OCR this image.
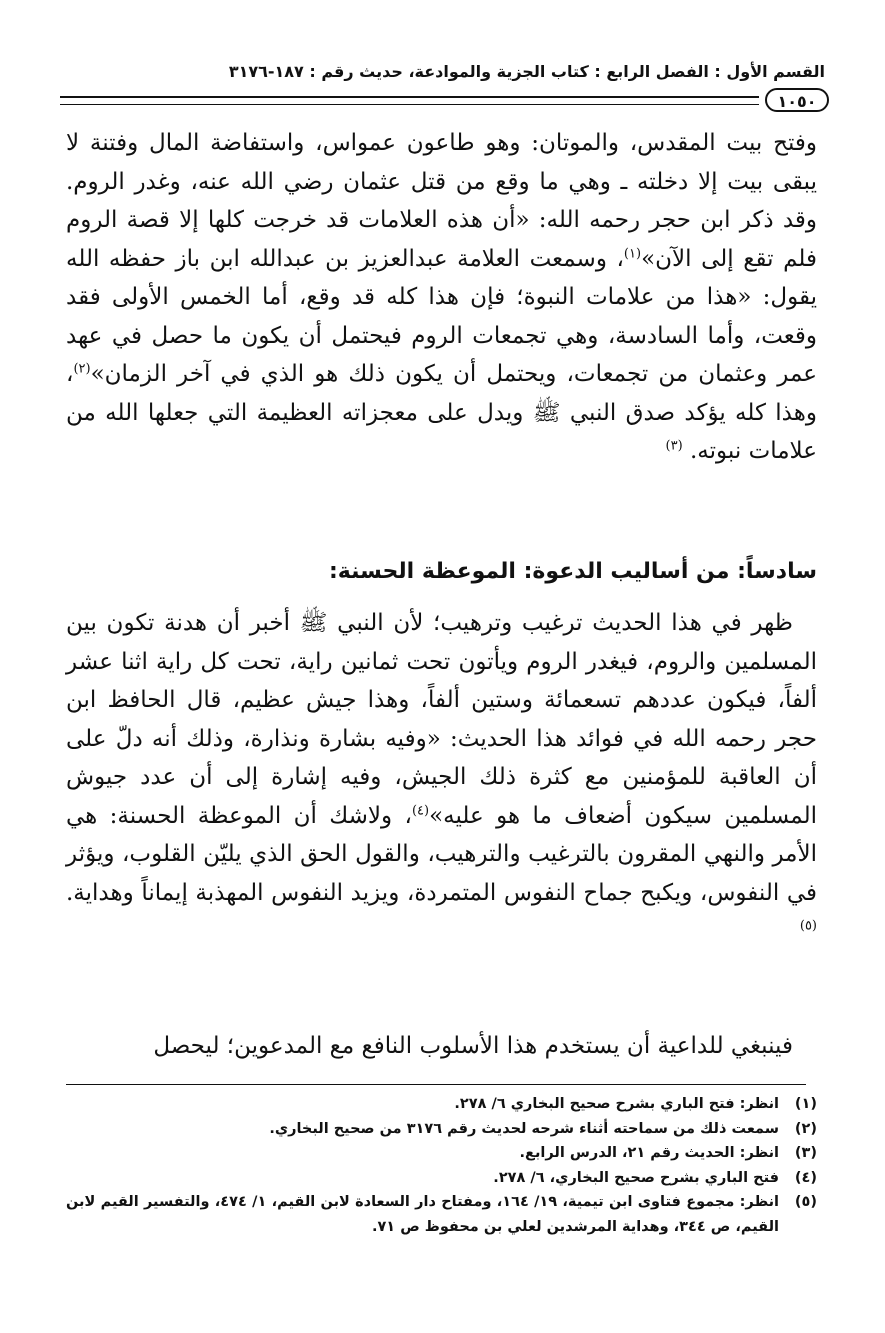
القسم الأول : الفصل الرابع : كتاب الجزية والموادعة، حديث رقم : ١٨٧-٣١٧٦
١٠٥٠

وفتح بيت المقدس، والموتان: وهو طاعون عمواس، واستفاضة المال وفتنة لا يبقى بيت إلا دخلته ـ وهي ما وقع من قتل عثمان رضي الله عنه، وغدر الروم. وقد ذكر ابن حجر رحمه الله: «أن هذه العلامات قد خرجت كلها إلا قصة الروم فلم تقع إلى الآن»$^{(١)}$، وسمعت العلامة عبدالعزيز بن عبدالله ابن باز حفظه الله يقول: «هذا من علامات النبوة؛ فإن هذا كله قد وقع، أما الخمس الأولى فقد وقعت، وأما السادسة، وهي تجمعات الروم فيحتمل أن يكون ما حصل في عهد عمر وعثمان من تجمعات، ويحتمل أن يكون ذلك هو الذي في آخر الزمان»$^{(٢)}$، وهذا كله يؤكد صدق النبي ﷺ ويدل على معجزاته العظيمة التي جعلها الله من علامات نبوته. $^{(٣)}$

سادساً: من أساليب الدعوة: الموعظة الحسنة:

ظهر في هذا الحديث ترغيب وترهيب؛ لأن النبي ﷺ أخبر أن هدنة تكون بين المسلمين والروم، فيغدر الروم ويأتون تحت ثمانين راية، تحت كل راية اثنا عشر ألفاً، فيكون عددهم تسعمائة وستين ألفاً، وهذا جيش عظيم، قال الحافظ ابن حجر رحمه الله في فوائد هذا الحديث: «وفيه بشارة ونذارة، وذلك أنه دلّ على أن العاقبة للمؤمنين مع كثرة ذلك الجيش، وفيه إشارة إلى أن عدد جيوش المسلمين سيكون أضعاف ما هو عليه»$^{(٤)}$، ولاشك أن الموعظة الحسنة: هي الأمر والنهي المقرون بالترغيب والترهيب، والقول الحق الذي يليّن القلوب، ويؤثر في النفوس، ويكبح جماح النفوس المتمردة، ويزيد النفوس المهذبة إيماناً وهداية. $^{(٥)}$

فينبغي للداعية أن يستخدم هذا الأسلوب النافع مع المدعوين؛ ليحصل

(١)
انظر: فتح الباري بشرح صحيح البخاري ٦/ ٢٧٨.
(٢)
سمعت ذلك من سماحته أثناء شرحه لحديث رقم ٣١٧٦ من صحيح البخاري.
(٣)
انظر: الحديث رقم ٢١، الدرس الرابع.
(٤)
فتح الباري بشرح صحيح البخاري، ٦/ ٢٧٨.
(٥)
انظر: مجموع فتاوى ابن تيمية، ١٩/ ١٦٤، ومفتاح دار السعادة لابن القيم، ١/ ٤٧٤، والتفسير القيم لابن القيم، ص ٣٤٤، وهداية المرشدين لعلي بن محفوظ ص ٧١.
